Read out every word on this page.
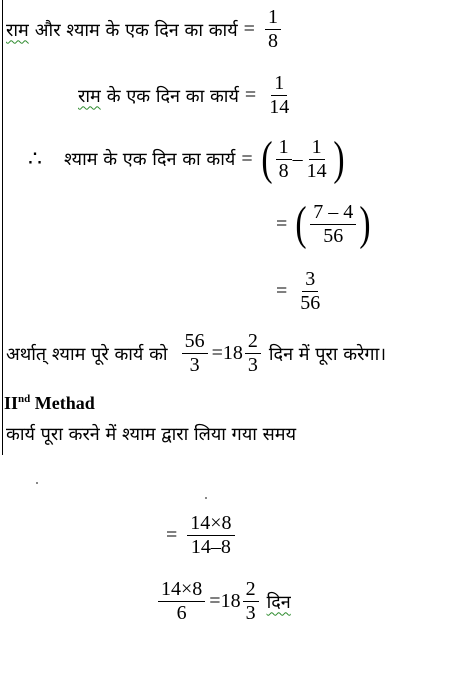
राम और श्याम के एक दिन का कार्य = $\frac{1}{8}$
राम के एक दिन का कार्य = $\frac{1}{14}$
∴ श्याम के एक दिन का कार्य = ( $\frac{1}{8} - \frac{1}{14}$ )
= ( $\frac{7 - 4}{56}$ )
= $\frac{3}{56}$
अर्थात् श्याम पूरे कार्य को $\frac{56}{3} = 18 \frac{2}{3}$ दिन में पूरा करेगा।
IInd Methad
कार्य पूरा करने में श्याम द्वारा लिया गया समय
= $\frac{14\times 8}{14-8}$
$\frac{14\times 8}{6} = 18 \frac{2}{3}$ दिन
